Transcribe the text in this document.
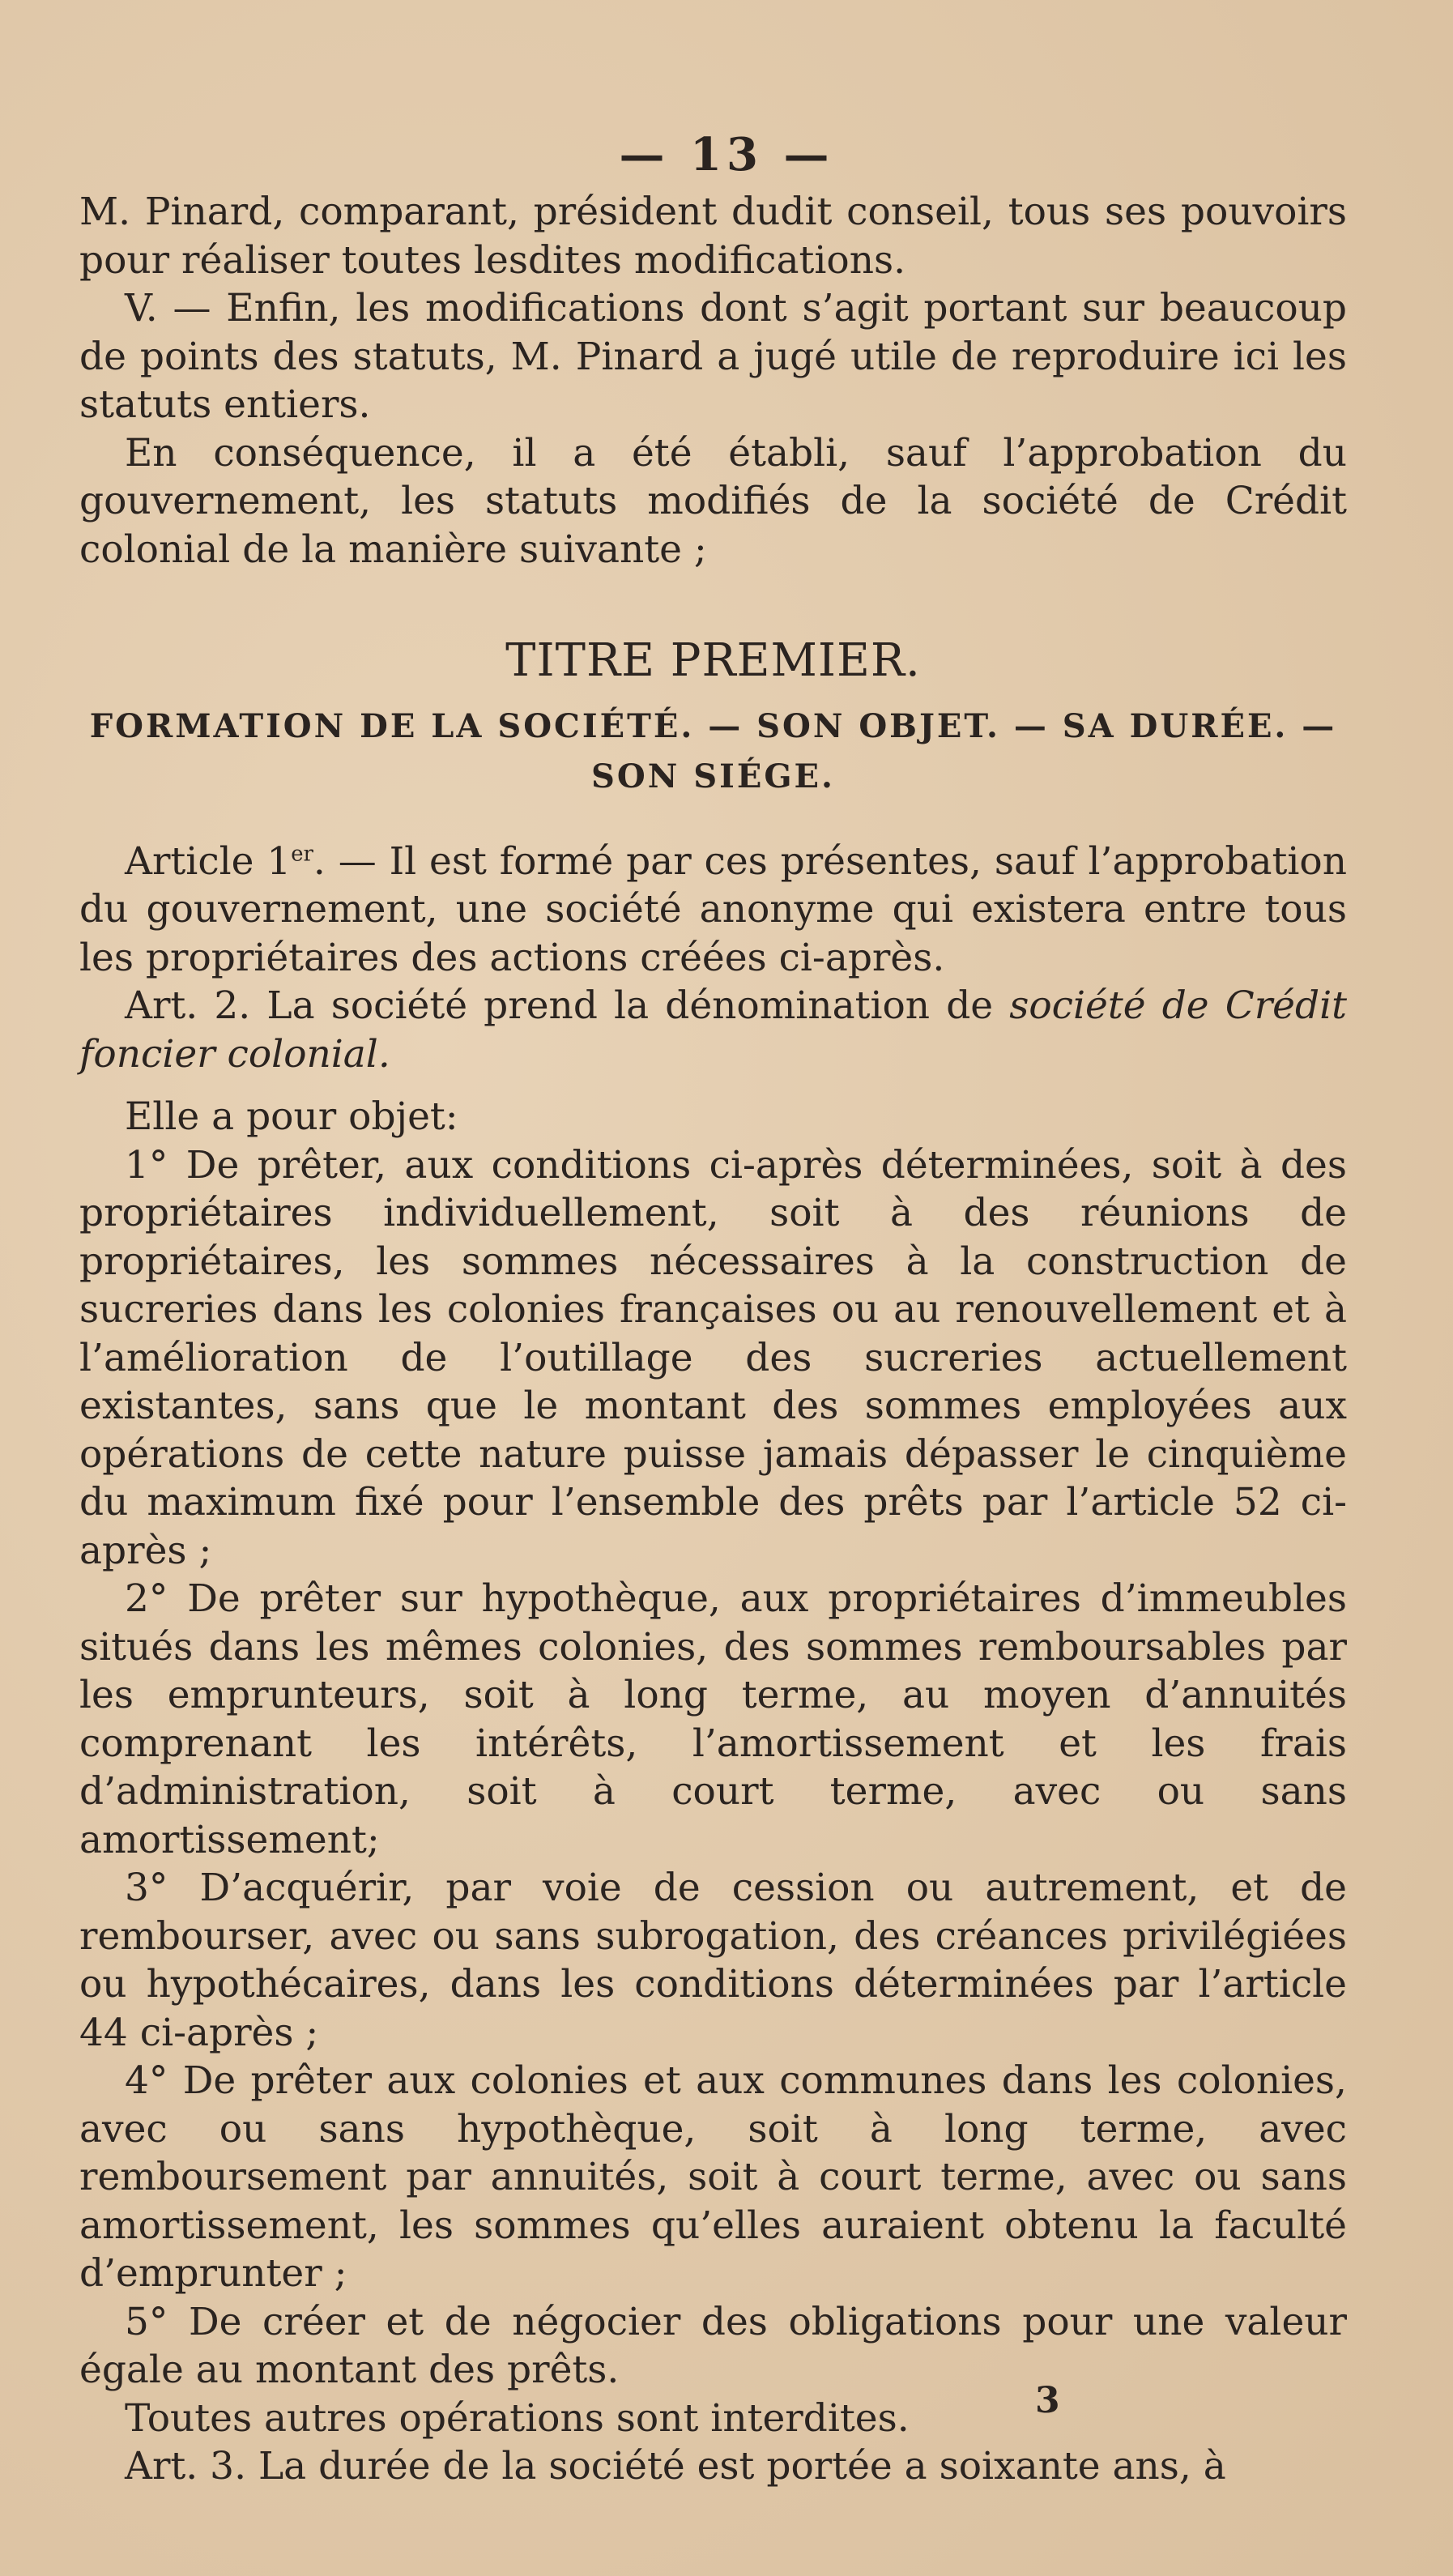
— 13 —

M. Pinard, comparant, président dudit conseil, tous ses pouvoirs pour réaliser toutes lesdites modifications.

V. — Enfin, les modifications dont s’agit portant sur beaucoup de points des statuts, M. Pinard a jugé utile de reproduire ici les statuts entiers.

En conséquence, il a été établi, sauf l’approbation du gouvernement, les statuts modifiés de la société de Crédit colonial de la manière suivante ;

TITRE PREMIER.

FORMATION DE LA SOCIÉTÉ. — SON OBJET. — SA DURÉE. —
SON SIÉGE.

Article 1er. — Il est formé par ces présentes, sauf l’approbation du gouvernement, une société anonyme qui existera entre tous les propriétaires des actions créées ci-après.

Art. 2. La société prend la dénomination de société de Crédit foncier colonial.

Elle a pour objet:

1° De prêter, aux conditions ci-après déterminées, soit à des propriétaires individuellement, soit à des réunions de propriétaires, les sommes nécessaires à la construction de sucreries dans les colonies françaises ou au renouvellement et à l’amélioration de l’outillage des sucreries actuellement existantes, sans que le montant des sommes employées aux opérations de cette nature puisse jamais dépasser le cinquième du maximum fixé pour l’ensemble des prêts par l’article 52 ci-après ;

2° De prêter sur hypothèque, aux propriétaires d’immeubles situés dans les mêmes colonies, des sommes remboursables par les emprunteurs, soit à long terme, au moyen d’annuités comprenant les intérêts, l’amortissement et les frais d’administration, soit à court terme, avec ou sans amortissement;

3° D’acquérir, par voie de cession ou autrement, et de rembourser, avec ou sans subrogation, des créances privilégiées ou hypothécaires, dans les conditions déterminées par l’article 44 ci-après ;

4° De prêter aux colonies et aux communes dans les colonies, avec ou sans hypothèque, soit à long terme, avec remboursement par annuités, soit à court terme, avec ou sans amortissement, les sommes qu’elles auraient obtenu la faculté d’emprunter ;

5° De créer et de négocier des obligations pour une valeur égale au montant des prêts.

Toutes autres opérations sont interdites.

Art. 3. La durée de la société est portée a soixante ans, à

3
